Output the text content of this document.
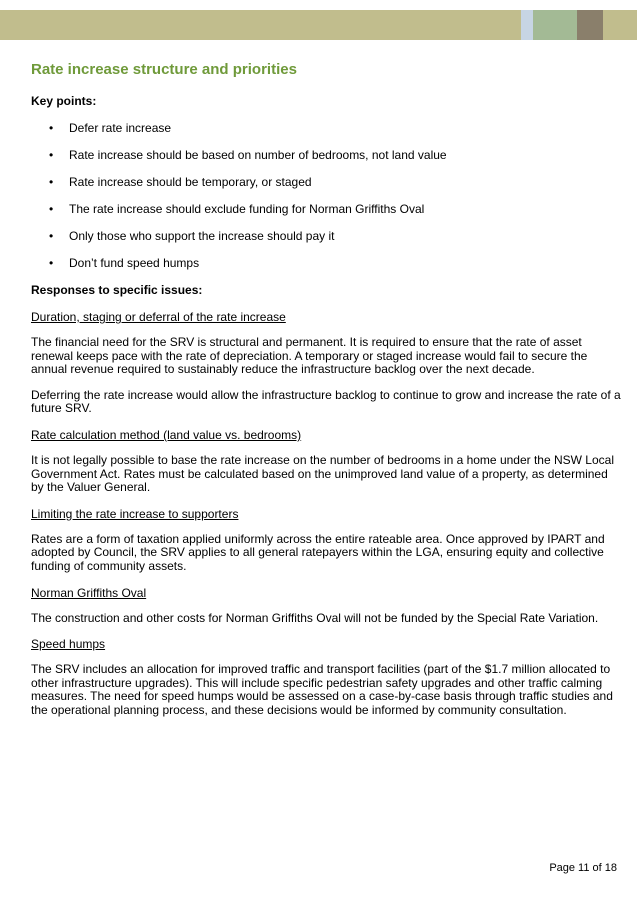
Rate increase structure and priorities

Key points:

• Defer rate increase
• Rate increase should be based on number of bedrooms, not land value
• Rate increase should be temporary, or staged
• The rate increase should exclude funding for Norman Griffiths Oval
• Only those who support the increase should pay it
• Don’t fund speed humps

Responses to specific issues:

Duration, staging or deferral of the rate increase

The financial need for the SRV is structural and permanent. It is required to ensure that the rate of asset renewal keeps pace with the rate of depreciation. A temporary or staged increase would fail to secure the annual revenue required to sustainably reduce the infrastructure backlog over the next decade.

Deferring the rate increase would allow the infrastructure backlog to continue to grow and increase the rate of a future SRV.

Rate calculation method (land value vs. bedrooms)

It is not legally possible to base the rate increase on the number of bedrooms in a home under the NSW Local Government Act. Rates must be calculated based on the unimproved land value of a property, as determined by the Valuer General.

Limiting the rate increase to supporters

Rates are a form of taxation applied uniformly across the entire rateable area. Once approved by IPART and adopted by Council, the SRV applies to all general ratepayers within the LGA, ensuring equity and collective funding of community assets.

Norman Griffiths Oval

The construction and other costs for Norman Griffiths Oval will not be funded by the Special Rate Variation.

Speed humps

The SRV includes an allocation for improved traffic and transport facilities (part of the $1.7 million allocated to other infrastructure upgrades). This will include specific pedestrian safety upgrades and other traffic calming measures. The need for speed humps would be assessed on a case-by-case basis through traffic studies and the operational planning process, and these decisions would be informed by community consultation.

Page 11 of 18
